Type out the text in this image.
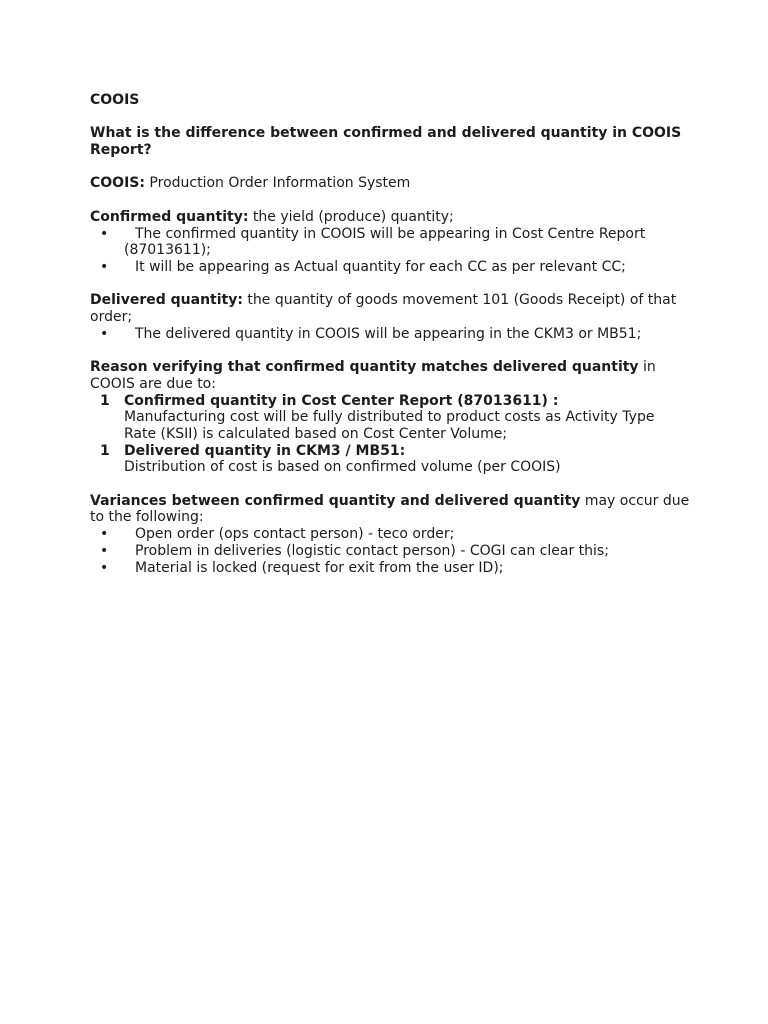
COOIS

What is the difference between confirmed and delivered quantity in COOIS Report?

COOIS: Production Order Information System

Confirmed quantity: the yield (produce) quantity;

•	The confirmed quantity in COOIS will be appearing in Cost Centre Report (87013611);
•	It will be appearing as Actual quantity for each CC as per relevant CC;

Delivered quantity: the quantity of goods movement 101 (Goods Receipt) of that order;

•	The delivered quantity in COOIS will be appearing in the CKM3 or MB51;

Reason verifying that confirmed quantity matches delivered quantity in COOIS are due to:

1 Confirmed quantity in Cost Center Report (87013611) :
Manufacturing cost will be fully distributed to product costs as Activity Type Rate (KSII) is calculated based on Cost Center Volume;
1 Delivered quantity in CKM3 / MB51:
Distribution of cost is based on confirmed volume (per COOIS)

Variances between confirmed quantity and delivered quantity may occur due to the following:

•	Open order (ops contact person) - teco order;
•	Problem in deliveries (logistic contact person) - COGI can clear this;
•	Material is locked (request for exit from the user ID);
